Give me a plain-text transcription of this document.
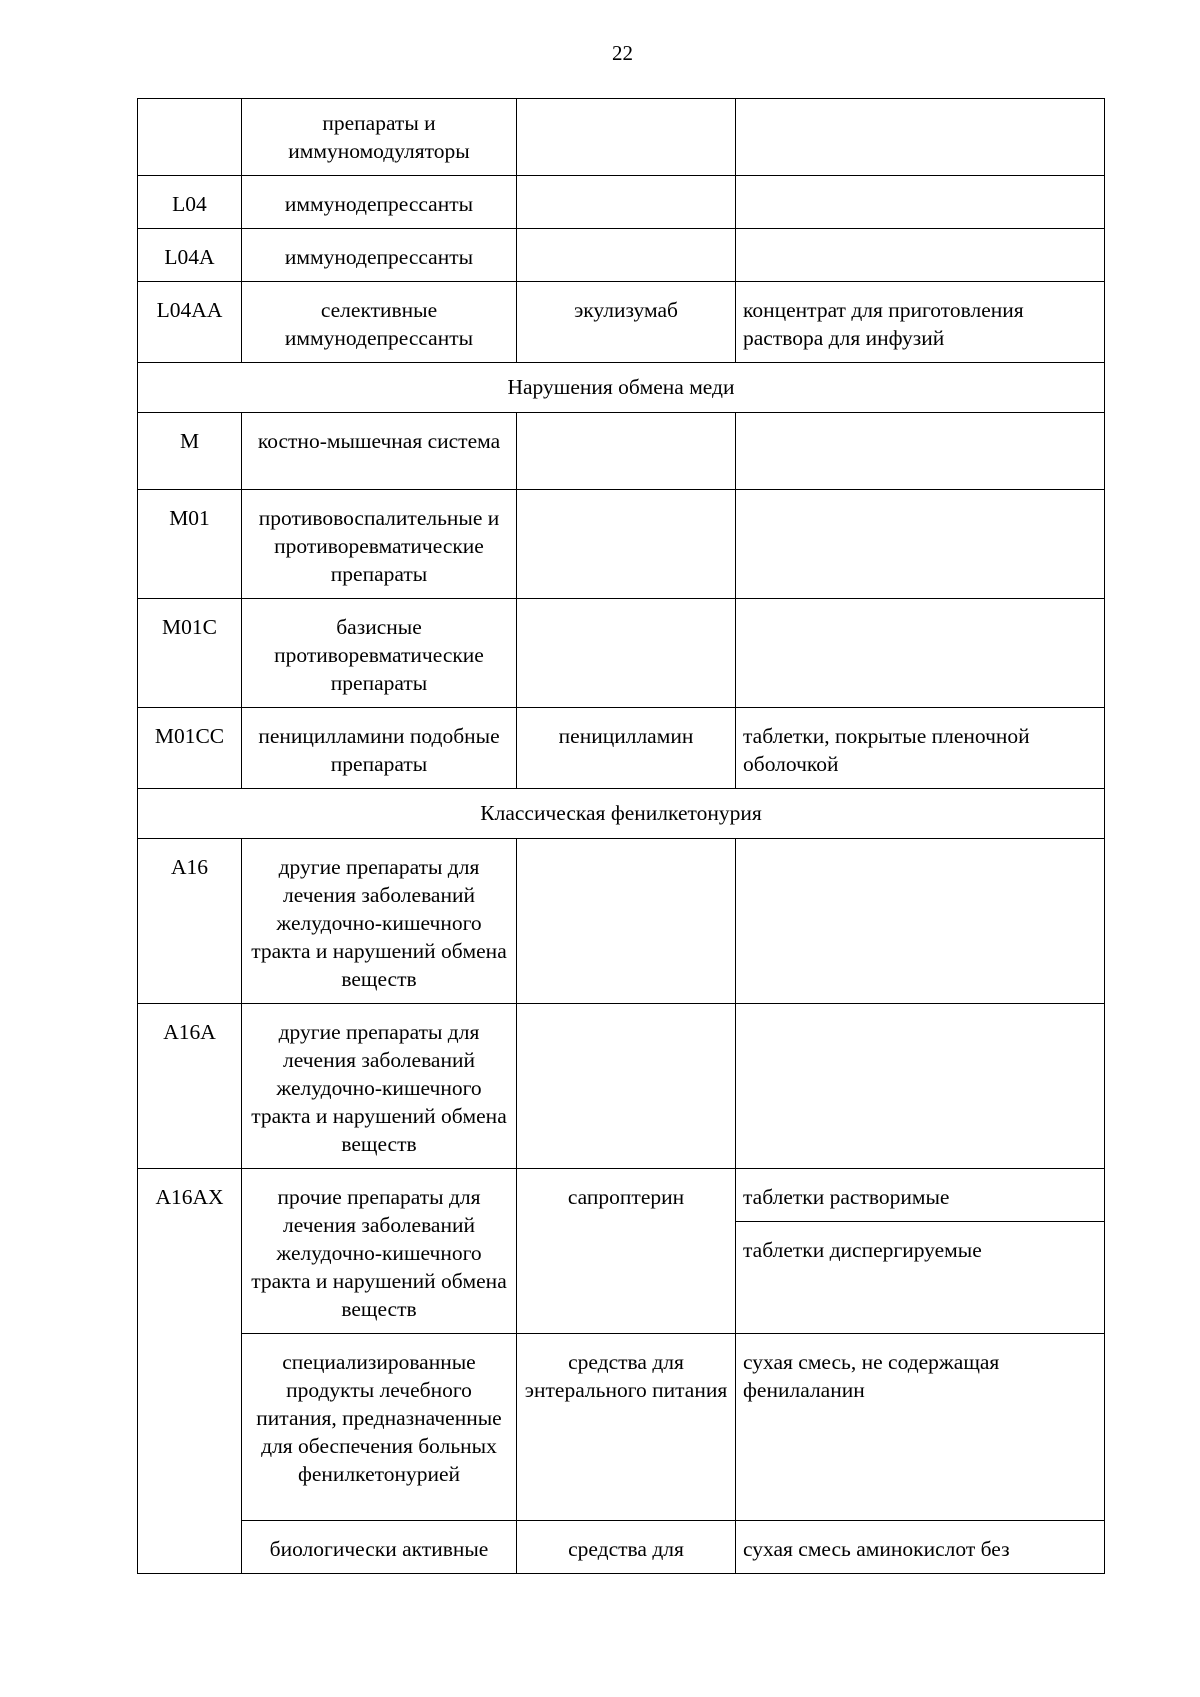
22
	препараты и иммуномодуляторы		
L04	иммунодепрессанты		
L04A	иммунодепрессанты		
L04AA	селективные иммунодепрессанты	экулизумаб	концентрат для приготовления раствора для инфузий
Нарушения обмена меди			
M	костно-мышечная система		
M01	противовоспалительные и противоревматические препараты		
M01C	базисные противоревматические препараты		
M01CC	пеницилламини подобные препараты	пеницилламин	таблетки, покрытые пленочной оболочкой
Классическая фенилкетонурия			
A16	другие препараты для лечения заболеваний желудочно-кишечного тракта и нарушений обмена веществ		
A16A	другие препараты для лечения заболеваний желудочно-кишечного тракта и нарушений обмена веществ		
A16AX	прочие препараты для лечения заболеваний желудочно-кишечного тракта и нарушений обмена веществ	сапроптерин	таблетки растворимые
			таблетки диспергируемые
	специализированные продукты лечебного питания, предназначенные для обеспечения больных фенилкетонурией	средства для энтерального питания	сухая смесь, не содержащая фенилаланин
	биологически активные	средства для	сухая смесь аминокислот без
